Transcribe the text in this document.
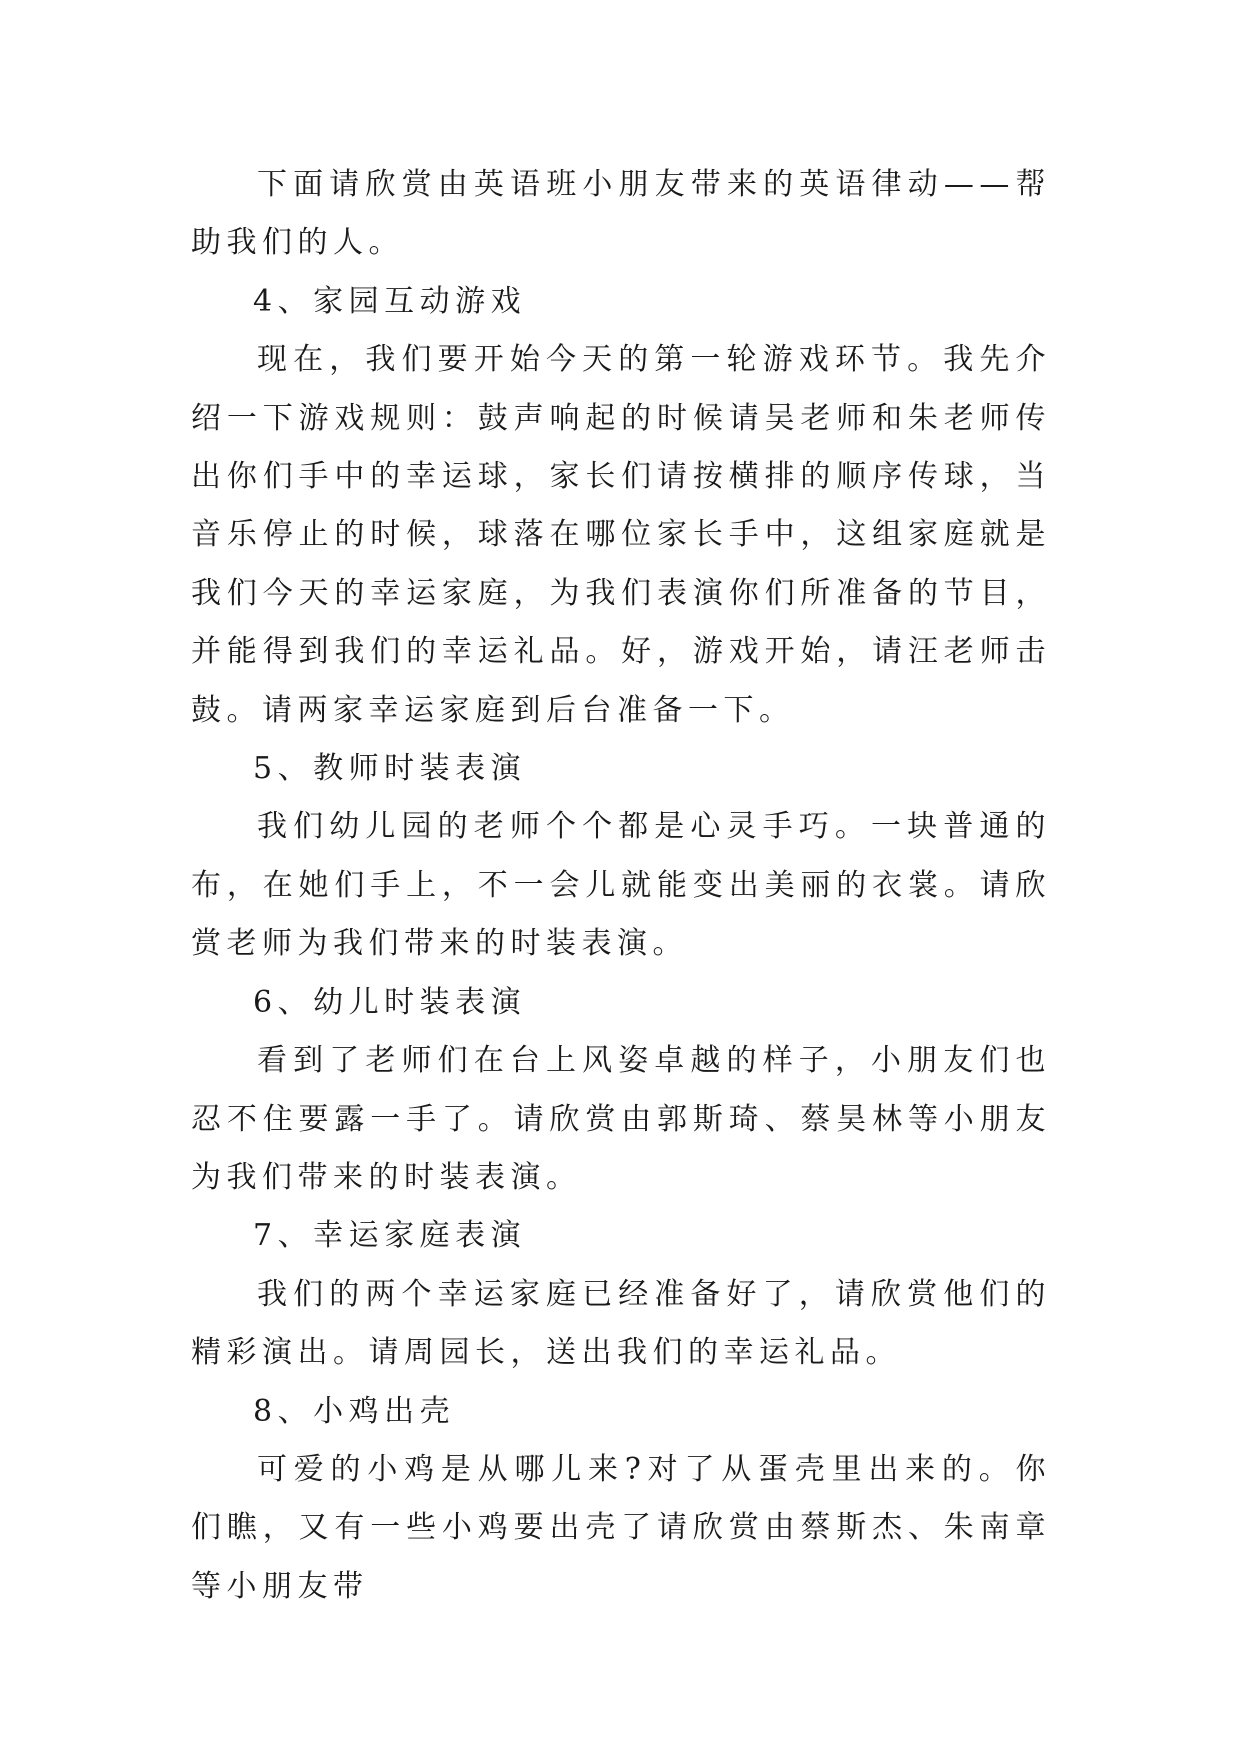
下面请欣赏由英语班小朋友带来的英语律动——帮助我们的人。

4、家园互动游戏

现在，我们要开始今天的第一轮游戏环节。我先介绍一下游戏规则：鼓声响起的时候请吴老师和朱老师传出你们手中的幸运球，家长们请按横排的顺序传球，当音乐停止的时候，球落在哪位家长手中，这组家庭就是我们今天的幸运家庭，为我们表演你们所准备的节目，并能得到我们的幸运礼品。好，游戏开始，请汪老师击鼓。请两家幸运家庭到后台准备一下。

5、教师时装表演

我们幼儿园的老师个个都是心灵手巧。一块普通的布，在她们手上，不一会儿就能变出美丽的衣裳。请欣赏老师为我们带来的时装表演。

6、幼儿时装表演

看到了老师们在台上风姿卓越的样子，小朋友们也忍不住要露一手了。请欣赏由郭斯琦、蔡昊林等小朋友为我们带来的时装表演。

7、幸运家庭表演

我们的两个幸运家庭已经准备好了，请欣赏他们的精彩演出。请周园长，送出我们的幸运礼品。

8、小鸡出壳

可爱的小鸡是从哪儿来?对了从蛋壳里出来的。你们瞧，又有一些小鸡要出壳了请欣赏由蔡斯杰、朱南章等小朋友带
